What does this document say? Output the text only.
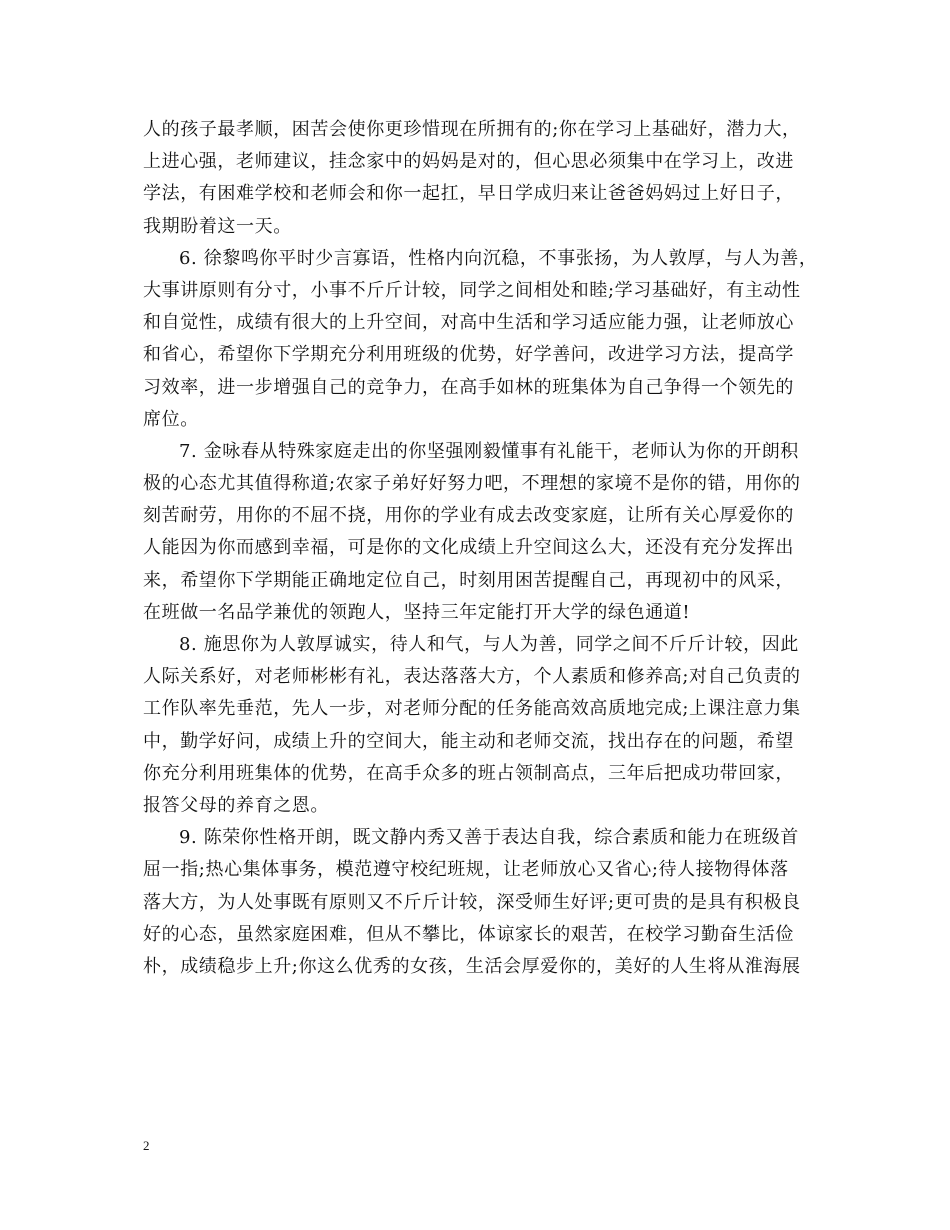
人的孩子最孝顺，困苦会使你更珍惜现在所拥有的;你在学习上基础好，潜力大，
上进心强，老师建议，挂念家中的妈妈是对的，但心思必须集中在学习上，改进
学法，有困难学校和老师会和你一起扛，早日学成归来让爸爸妈妈过上好日子，
我期盼着这一天。
6. 徐黎鸣你平时少言寡语，性格内向沉稳，不事张扬，为人敦厚，与人为善，
大事讲原则有分寸，小事不斤斤计较，同学之间相处和睦;学习基础好，有主动性
和自觉性，成绩有很大的上升空间，对高中生活和学习适应能力强，让老师放心
和省心，希望你下学期充分利用班级的优势，好学善问，改进学习方法，提高学
习效率，进一步增强自己的竞争力，在高手如林的班集体为自己争得一个领先的
席位。
7. 金咏春从特殊家庭走出的你坚强刚毅懂事有礼能干，老师认为你的开朗积
极的心态尤其值得称道;农家子弟好好努力吧，不理想的家境不是你的错，用你的
刻苦耐劳，用你的不屈不挠，用你的学业有成去改变家庭，让所有关心厚爱你的
人能因为你而感到幸福，可是你的文化成绩上升空间这么大，还没有充分发挥出
来，希望你下学期能正确地定位自己，时刻用困苦提醒自己，再现初中的风采，
在班做一名品学兼优的领跑人，坚持三年定能打开大学的绿色通道!
8. 施思你为人敦厚诚实，待人和气，与人为善，同学之间不斤斤计较，因此
人际关系好，对老师彬彬有礼，表达落落大方，个人素质和修养高;对自己负责的
工作队率先垂范，先人一步，对老师分配的任务能高效高质地完成;上课注意力集
中，勤学好问，成绩上升的空间大，能主动和老师交流，找出存在的问题，希望
你充分利用班集体的优势，在高手众多的班占领制高点，三年后把成功带回家，
报答父母的养育之恩。
9. 陈荣你性格开朗，既文静内秀又善于表达自我，综合素质和能力在班级首
屈一指;热心集体事务，模范遵守校纪班规，让老师放心又省心;待人接物得体落
落大方，为人处事既有原则又不斤斤计较，深受师生好评;更可贵的是具有积极良
好的心态，虽然家庭困难，但从不攀比，体谅家长的艰苦，在校学习勤奋生活俭
朴，成绩稳步上升;你这么优秀的女孩，生活会厚爱你的，美好的人生将从淮海展
2
